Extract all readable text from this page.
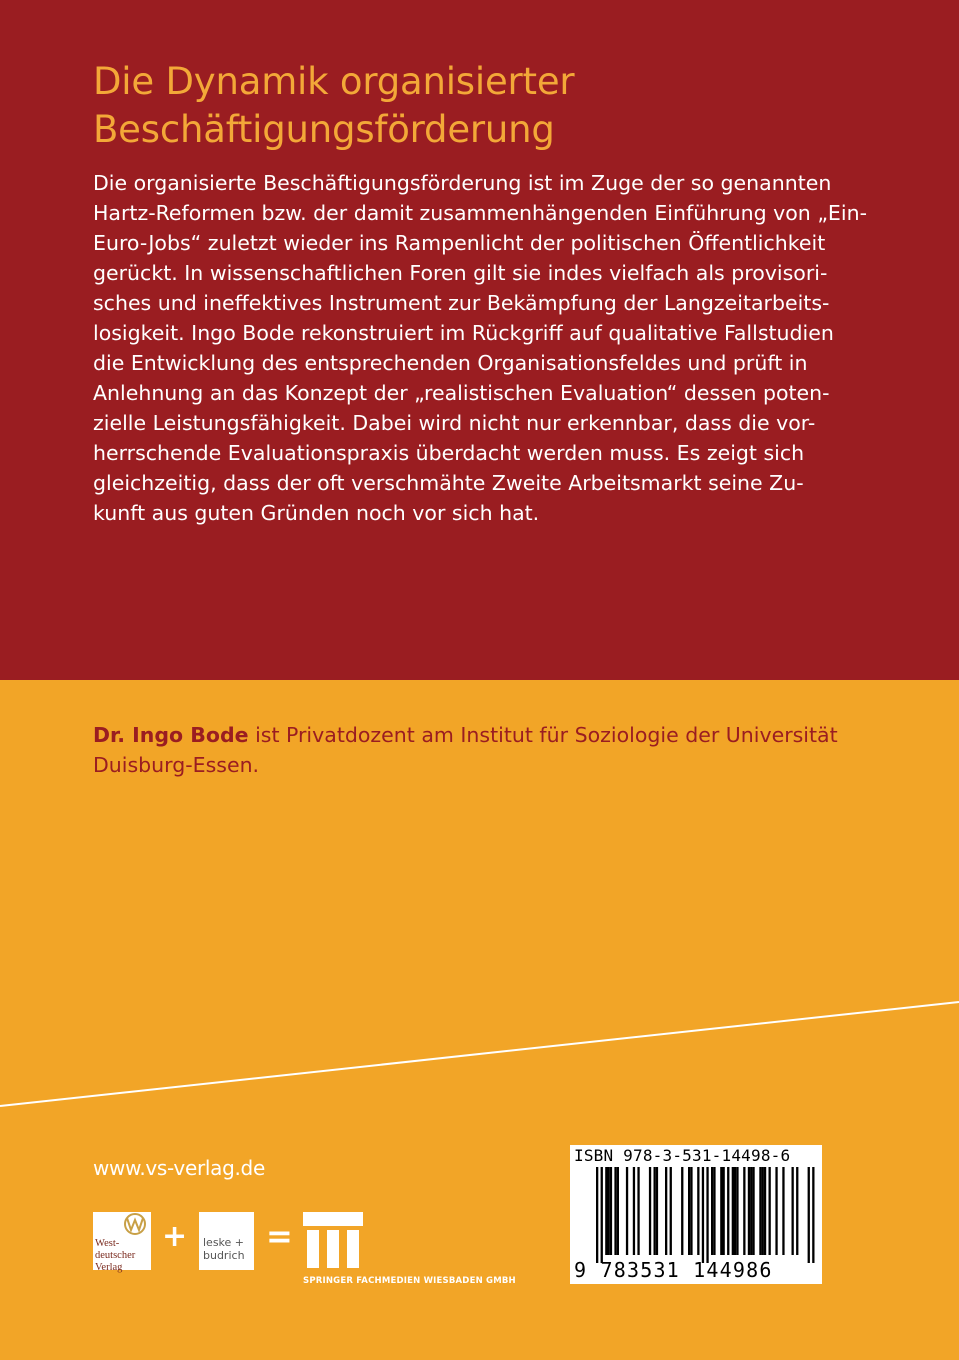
Die Dynamik organisierter
Beschäftigungsförderung

Die organisierte Beschäftigungsförderung ist im Zuge der so genannten
Hartz-Reformen bzw. der damit zusammenhängenden Einführung von „Ein-
Euro-Jobs“ zuletzt wieder ins Rampenlicht der politischen Öffentlichkeit
gerückt. In wissenschaftlichen Foren gilt sie indes vielfach als provisori-
sches und ineffektives Instrument zur Bekämpfung der Langzeitarbeits-
losigkeit. Ingo Bode rekonstruiert im Rückgriff auf qualitative Fallstudien
die Entwicklung des entsprechenden Organisationsfeldes und prüft in
Anlehnung an das Konzept der „realistischen Evaluation“ dessen poten-
zielle Leistungsfähigkeit. Dabei wird nicht nur erkennbar, dass die vor-
herrschende Evaluationspraxis überdacht werden muss. Es zeigt sich
gleichzeitig, dass der oft verschmähte Zweite Arbeitsmarkt seine Zu-
kunft aus guten Gründen noch vor sich hat.

Dr. Ingo Bode ist Privatdozent am Institut für Soziologie der Universität
Duisburg-Essen.

www.vs-verlag.de
West-
deutscher
Verlag
+ leske +
budrich
=
SPRINGER FACHMEDIEN WIESBADEN GMBH
ISBN 978-3-531-14498-6
9 783531 144986
